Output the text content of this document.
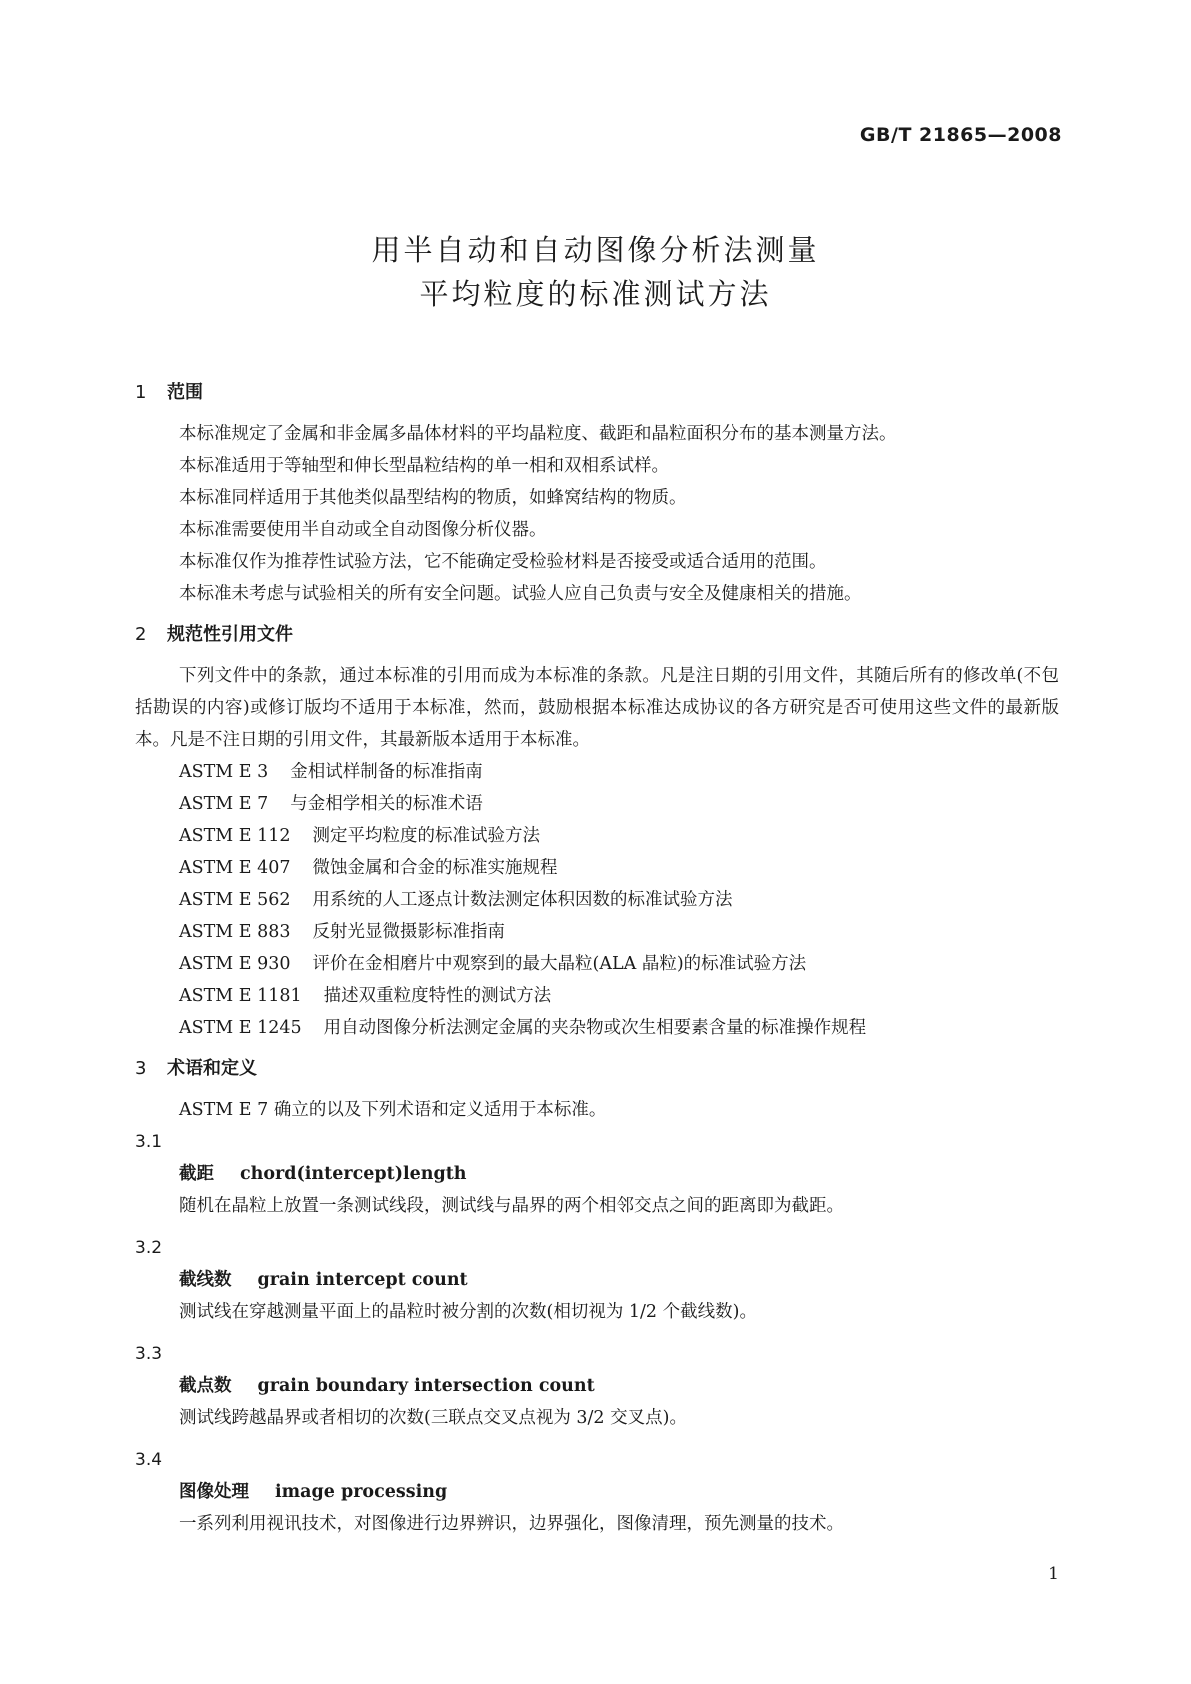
GB/T 21865—2008
用半自动和自动图像分析法测量
平均粒度的标准测试方法
1 范围
本标准规定了金属和非金属多晶体材料的平均晶粒度、截距和晶粒面积分布的基本测量方法。
本标准适用于等轴型和伸长型晶粒结构的单一相和双相系试样。
本标准同样适用于其他类似晶型结构的物质，如蜂窝结构的物质。
本标准需要使用半自动或全自动图像分析仪器。
本标准仅作为推荐性试验方法，它不能确定受检验材料是否接受或适合适用的范围。
本标准未考虑与试验相关的所有安全问题。试验人应自己负责与安全及健康相关的措施。
2 规范性引用文件
下列文件中的条款，通过本标准的引用而成为本标准的条款。凡是注日期的引用文件，其随后所有的修改单(不包括勘误的内容)或修订版均不适用于本标准，然而，鼓励根据本标准达成协议的各方研究是否可使用这些文件的最新版本。凡是不注日期的引用文件，其最新版本适用于本标准。
ASTM E 3 金相试样制备的标准指南
ASTM E 7 与金相学相关的标准术语
ASTM E 112 测定平均粒度的标准试验方法
ASTM E 407 微蚀金属和合金的标准实施规程
ASTM E 562 用系统的人工逐点计数法测定体积因数的标准试验方法
ASTM E 883 反射光显微摄影标准指南
ASTM E 930 评价在金相磨片中观察到的最大晶粒(ALA 晶粒)的标准试验方法
ASTM E 1181 描述双重粒度特性的测试方法
ASTM E 1245 用自动图像分析法测定金属的夹杂物或次生相要素含量的标准操作规程
3 术语和定义
ASTM E 7 确立的以及下列术语和定义适用于本标准。
3.1
截距 chord(intercept)length
随机在晶粒上放置一条测试线段，测试线与晶界的两个相邻交点之间的距离即为截距。
3.2
截线数 grain intercept count
测试线在穿越测量平面上的晶粒时被分割的次数(相切视为 1/2 个截线数)。
3.3
截点数 grain boundary intersection count
测试线跨越晶界或者相切的次数(三联点交叉点视为 3/2 交叉点)。
3.4
图像处理 image processing
一系列利用视讯技术，对图像进行边界辨识，边界强化，图像清理，预先测量的技术。
1
